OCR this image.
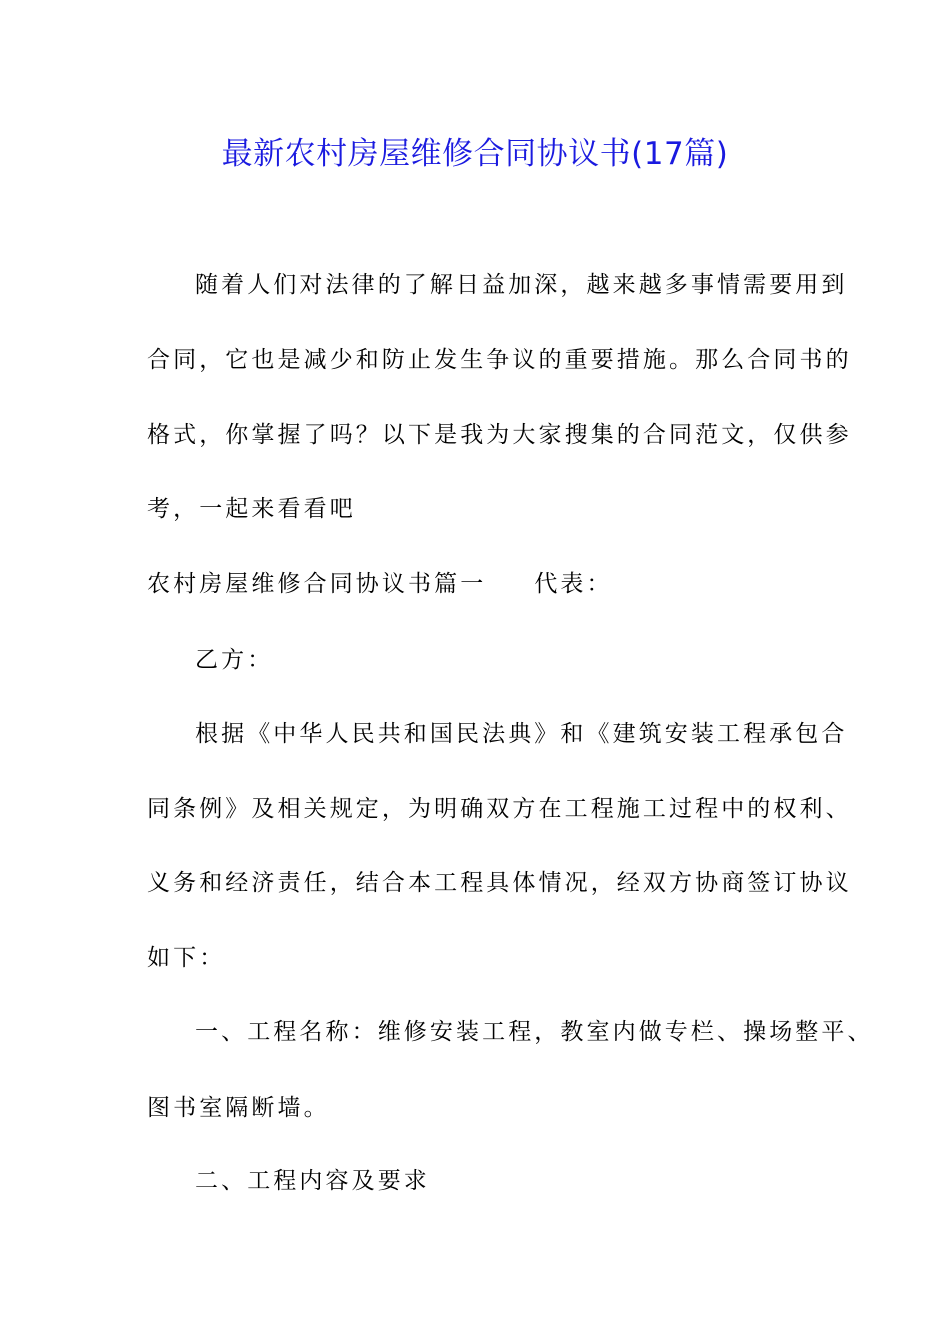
最新农村房屋维修合同协议书(17篇)
随着人们对法律的了解日益加深，越来越多事情需要用到
合同，它也是减少和防止发生争议的重要措施。那么合同书的
格式，你掌握了吗？以下是我为大家搜集的合同范文，仅供参
考，一起来看看吧
农村房屋维修合同协议书篇一 代表：
乙方：
根据《中华人民共和国民法典》和《建筑安装工程承包合
同条例》及相关规定，为明确双方在工程施工过程中的权利、
义务和经济责任，结合本工程具体情况，经双方协商签订协议
如下：
一、工程名称：维修安装工程，教室内做专栏、操场整平、
图书室隔断墙。
二、工程内容及要求
